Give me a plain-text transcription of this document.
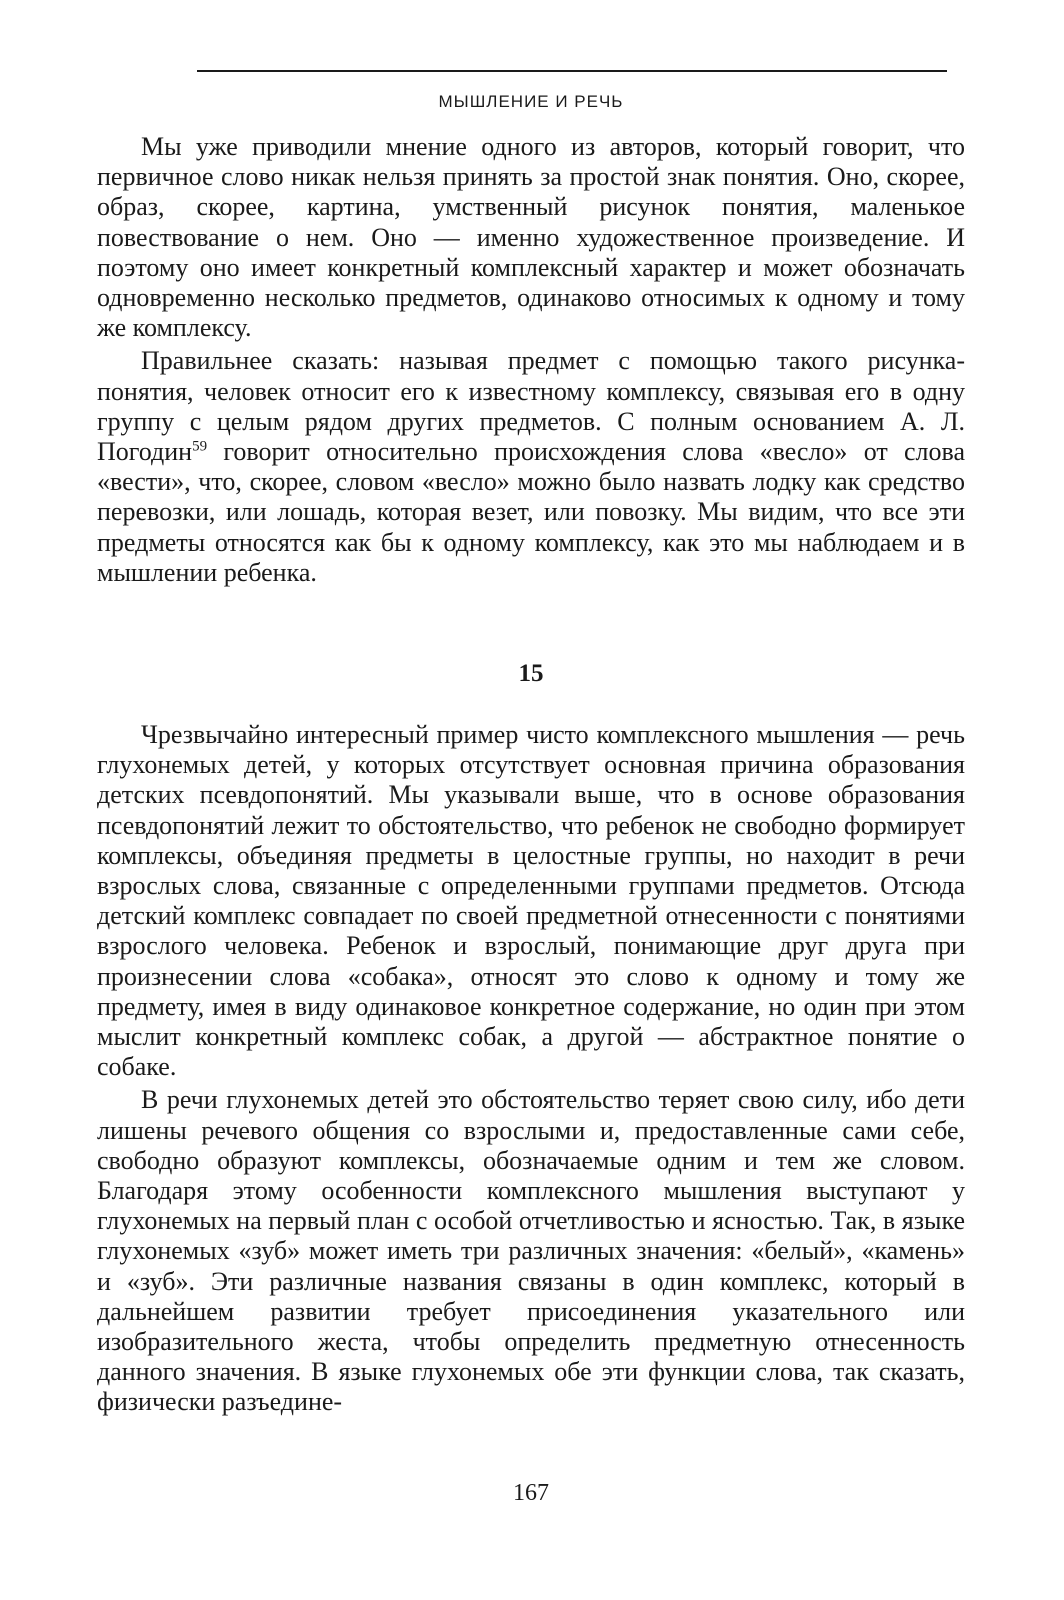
МЫШЛЕНИЕ И РЕЧЬ

Мы уже приводили мнение одного из авторов, который говорит, что первичное слово никак нельзя принять за простой знак понятия. Оно, скорее, образ, скорее, картина, умственный рисунок понятия, маленькое повествование о нем. Оно — именно художественное произведение. И поэтому оно имеет конкретный комплексный характер и может обозначать одновременно несколько предметов, одинаково относимых к одному и тому же комплексу.

Правильнее сказать: называя предмет с помощью такого рисунка-понятия, человек относит его к известному комплексу, связывая его в одну группу с целым рядом других предметов. С полным основанием А. Л. Погодин$^{59}$ говорит относительно происхождения слова «весло» от слова «вести», что, скорее, словом «весло» можно было назвать лодку как средство перевозки, или лошадь, которая везет, или повозку. Мы видим, что все эти предметы относятся как бы к одному комплексу, как это мы наблюдаем и в мышлении ребенка.

15

Чрезвычайно интересный пример чисто комплексного мышления — речь глухонемых детей, у которых отсутствует основная причина образования детских псевдопонятий. Мы указывали выше, что в основе образования псевдопонятий лежит то обстоятельство, что ребенок не свободно формирует комплексы, объединяя предметы в целостные группы, но находит в речи взрослых слова, связанные с определенными группами предметов. Отсюда детский комплекс совпадает по своей предметной отнесенности с понятиями взрослого человека. Ребенок и взрослый, понимающие друг друга при произнесении слова «собака», относят это слово к одному и тому же предмету, имея в виду одинаковое конкретное содержание, но один при этом мыслит конкретный комплекс собак, а другой — абстрактное понятие о собаке.

В речи глухонемых детей это обстоятельство теряет свою силу, ибо дети лишены речевого общения со взрослыми и, предоставленные сами себе, свободно образуют комплексы, обозначаемые одним и тем же словом. Благодаря этому особенности комплексного мышления выступают у глухонемых на первый план с особой отчетливостью и ясностью. Так, в языке глухонемых «зуб» может иметь три различных значения: «белый», «камень» и «зуб». Эти различные названия связаны в один комплекс, который в дальнейшем развитии требует присоединения указательного или изобразительного жеста, чтобы определить предметную отнесенность данного значения. В языке глухонемых обе эти функции слова, так сказать, физически разъедине-

167
